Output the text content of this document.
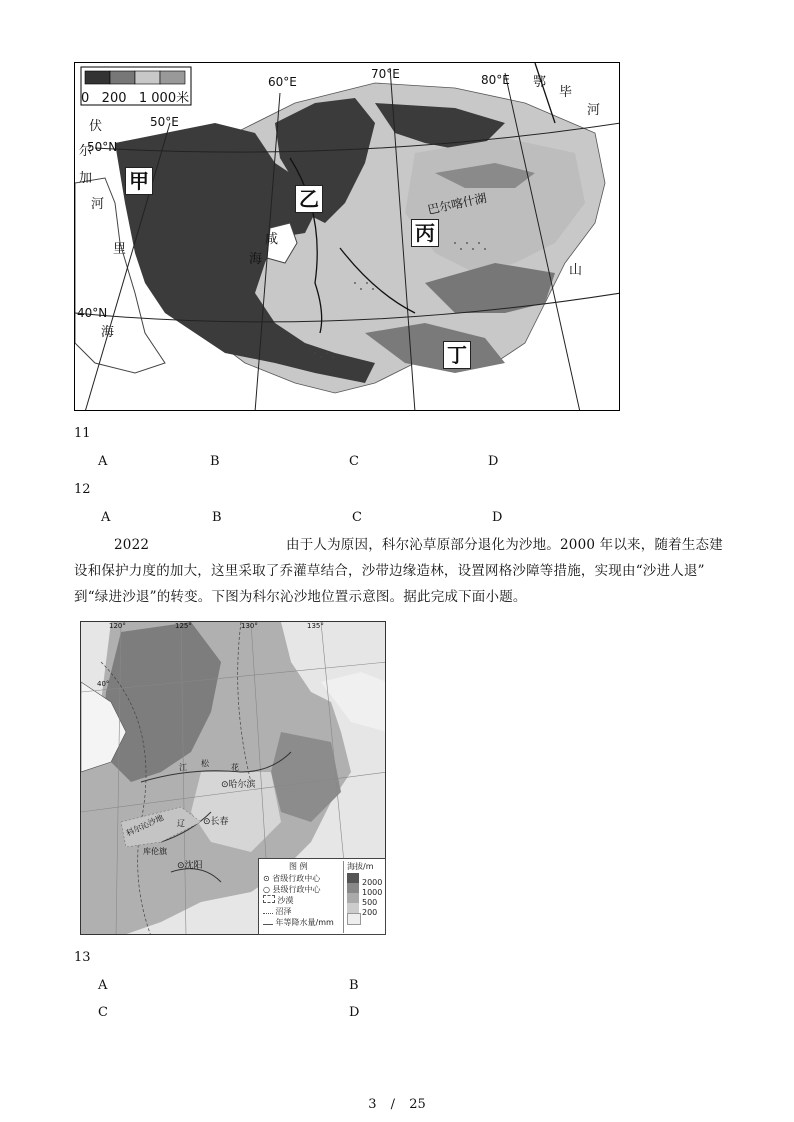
0   200   1 000米
50°E
60°E
70°E	80°E
50°N
40°N
甲
乙
丙
丁
伏
尔
加
河
里
海
咸
海
巴尔喀什湖
山
鄂
毕
河
11
A	B	C	D
12
A	B	C	D
2022	由于人为原因，科尔沁草原部分退化为沙地。2000 年以来，随着生态建
设和保护力度的加大，这里采取了乔灌草结合，沙带边缘造林，设置网格沙障等措施，实现由“沙进人退”
到“绿进沙退”的转变。下图为科尔沁沙地位置示意图。据此完成下面小题。
120°	125°	130°	135°
40°
⊙哈尔滨
⊙长春
⊙沈阳
松	花
江
辽
科尔沁沙地
库伦旗
图 例
⊙ 省级行政中心
○ 县级行政中心
沙漠
沼泽
年等降水量/mm
海拔/m
2000
1000
500
200
13
A	B
C	D
3 / 25
